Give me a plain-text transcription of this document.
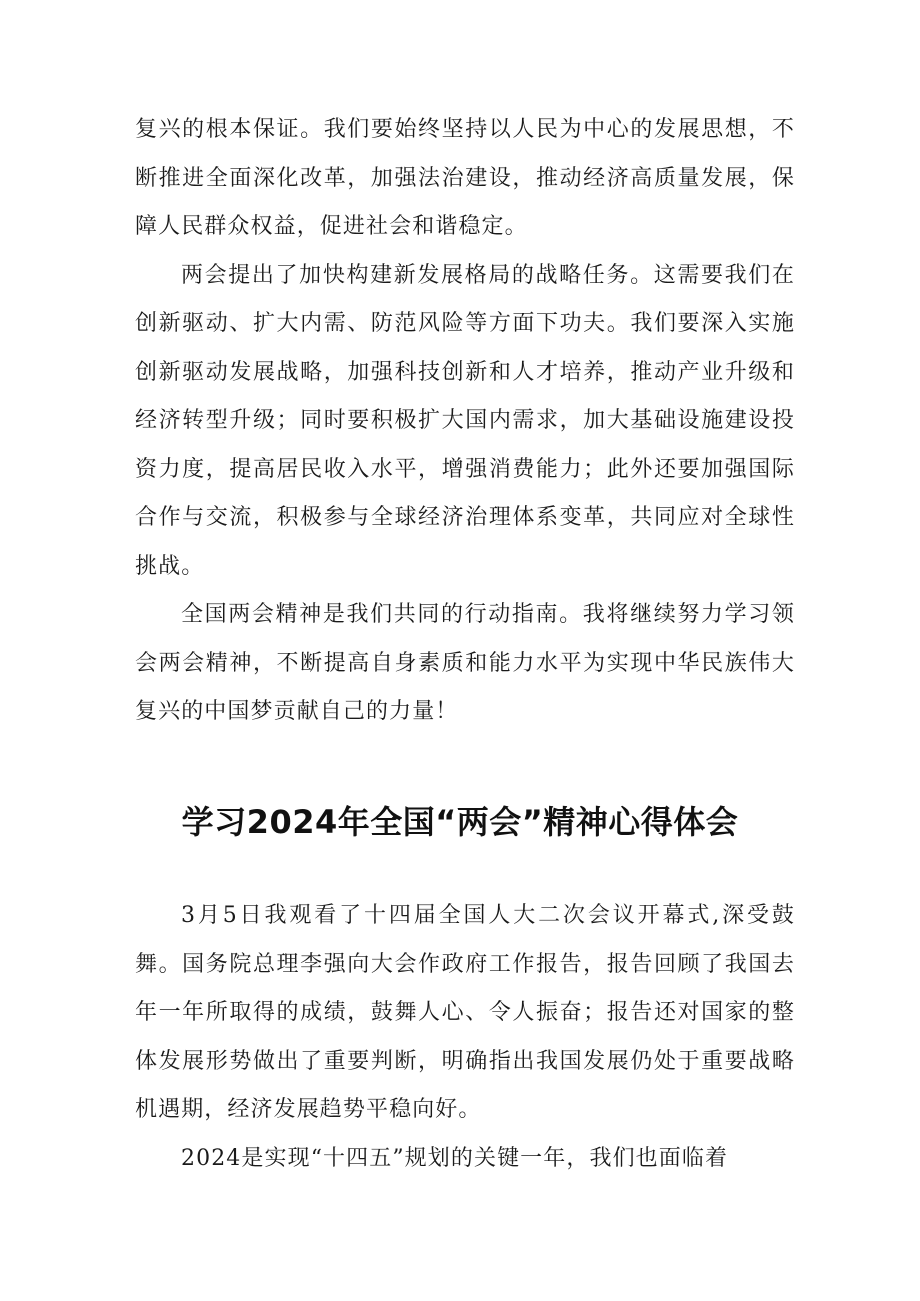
复兴的根本保证。我们要始终坚持以人民为中心的发展思想，不断推进全面深化改革，加强法治建设，推动经济高质量发展，保障人民群众权益，促进社会和谐稳定。

两会提出了加快构建新发展格局的战略任务。这需要我们在创新驱动、扩大内需、防范风险等方面下功夫。我们要深入实施创新驱动发展战略，加强科技创新和人才培养，推动产业升级和经济转型升级；同时要积极扩大国内需求，加大基础设施建设投资力度，提高居民收入水平，增强消费能力；此外还要加强国际合作与交流，积极参与全球经济治理体系变革，共同应对全球性挑战。

全国两会精神是我们共同的行动指南。我将继续努力学习领会两会精神，不断提高自身素质和能力水平为实现中华民族伟大复兴的中国梦贡献自己的力量！

学习2024年全国“两会”精神心得体会

3月5日我观看了十四届全国人大二次会议开幕式,深受鼓舞。国务院总理李强向大会作政府工作报告，报告回顾了我国去年一年所取得的成绩，鼓舞人心、令人振奋；报告还对国家的整体发展形势做出了重要判断，明确指出我国发展仍处于重要战略机遇期，经济发展趋势平稳向好。

2024是实现“十四五”规划的关键一年，我们也面临着
